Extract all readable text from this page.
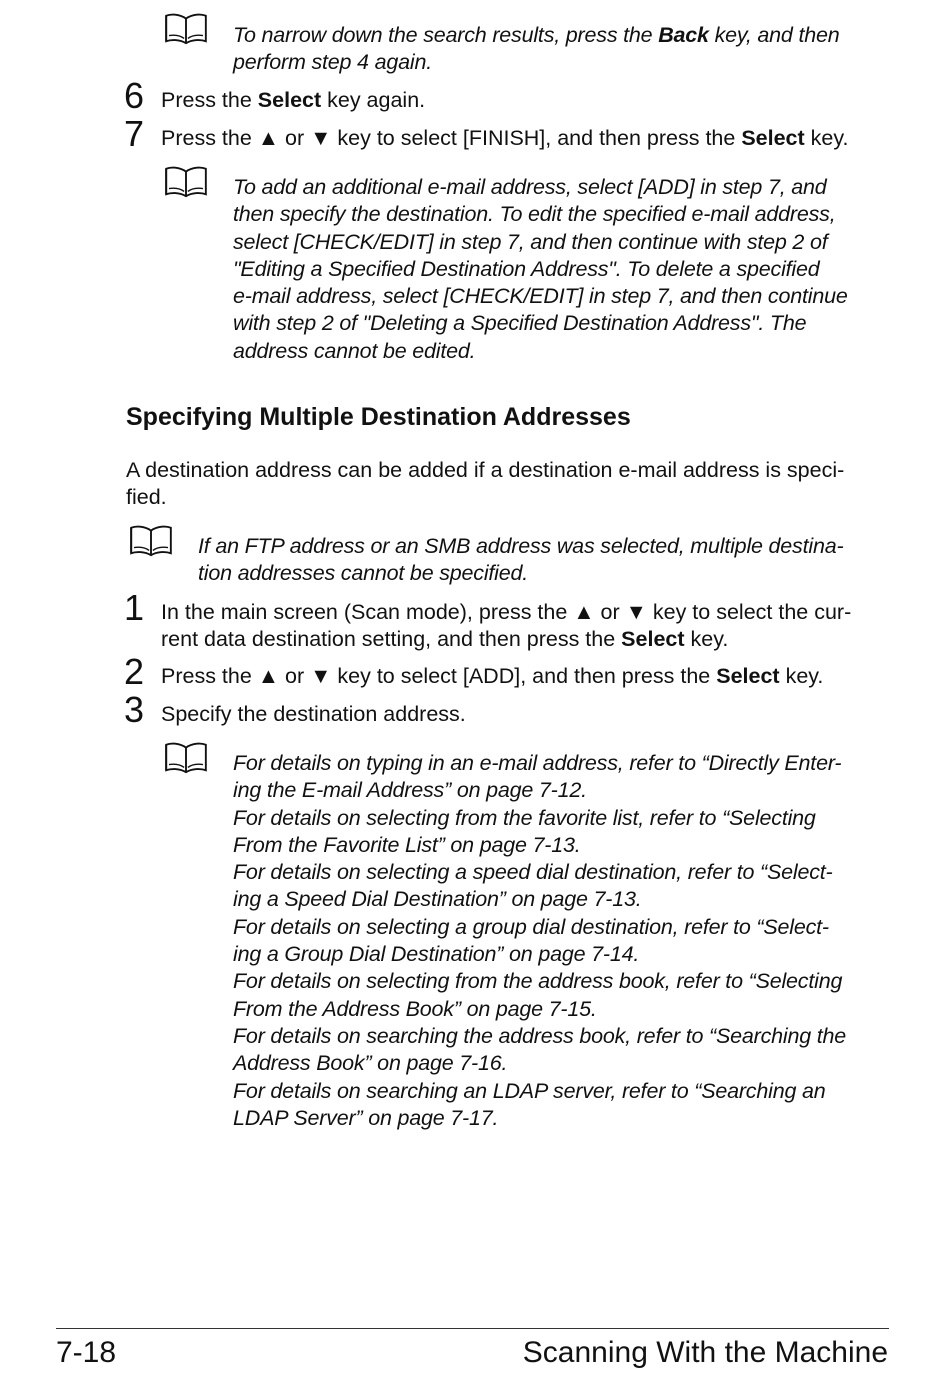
To narrow down the search results, press the Back key, and then
perform step 4 again.
6 Press the Select key again.
7 Press the ▲ or ▼ key to select [FINISH], and then press the Select key.
To add an additional e-mail address, select [ADD] in step 7, and
then specify the destination. To edit the specified e-mail address,
select [CHECK/EDIT] in step 7, and then continue with step 2 of
"Editing a Specified Destination Address". To delete a specified
e-mail address, select [CHECK/EDIT] in step 7, and then continue
with step 2 of "Deleting a Specified Destination Address". The
address cannot be edited.
Specifying Multiple Destination Addresses
A destination address can be added if a destination e-mail address is speci-
fied.
If an FTP address or an SMB address was selected, multiple destina-
tion addresses cannot be specified.
1 In the main screen (Scan mode), press the ▲ or ▼ key to select the cur-
rent data destination setting, and then press the Select key.
2 Press the ▲ or ▼ key to select [ADD], and then press the Select key.
3 Specify the destination address.
For details on typing in an e-mail address, refer to “Directly Enter-
ing the E-mail Address” on page 7-12.
For details on selecting from the favorite list, refer to “Selecting
From the Favorite List” on page 7-13.
For details on selecting a speed dial destination, refer to “Select-
ing a Speed Dial Destination” on page 7-13.
For details on selecting a group dial destination, refer to “Select-
ing a Group Dial Destination” on page 7-14.
For details on selecting from the address book, refer to “Selecting
From the Address Book” on page 7-15.
For details on searching the address book, refer to “Searching the
Address Book” on page 7-16.
For details on searching an LDAP server, refer to “Searching an
LDAP Server” on page 7-17.
7-18	Scanning With the Machine
